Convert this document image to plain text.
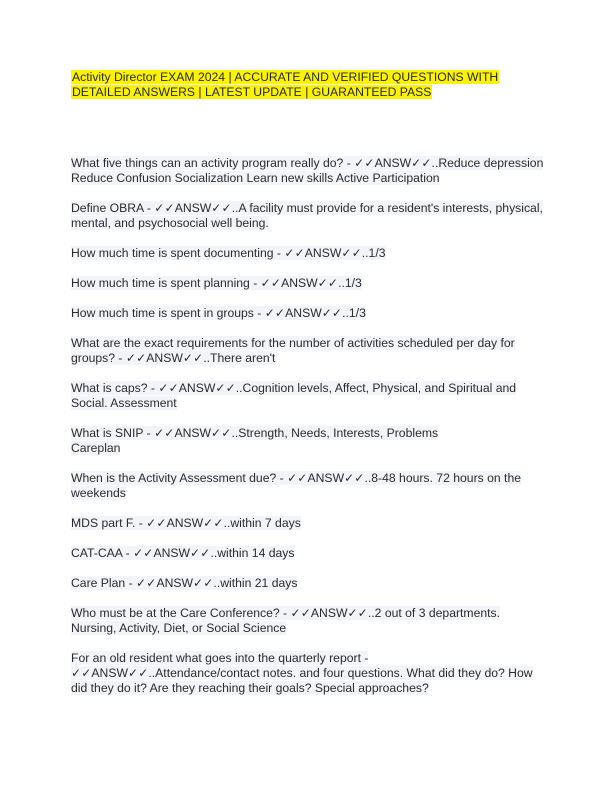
Activity Director EXAM 2024 | ACCURATE AND VERIFIED QUESTIONS WITH
DETAILED ANSWERS | LATEST UPDATE | GUARANTEED PASS
What five things can an activity program really do? - ✓✓ANSW✓✓..Reduce depression
Reduce Confusion Socialization Learn new skills Active Participation
Define OBRA - ✓✓ANSW✓✓..A facility must provide for a resident's interests, physical,
mental, and psychosocial well being.
How much time is spent documenting - ✓✓ANSW✓✓..1/3
How much time is spent planning - ✓✓ANSW✓✓..1/3
How much time is spent in groups - ✓✓ANSW✓✓..1/3
What are the exact requirements for the number of activities scheduled per day for
groups? - ✓✓ANSW✓✓..There aren't
What is caps? - ✓✓ANSW✓✓..Cognition levels, Affect, Physical, and Spiritual and
Social. Assessment
What is SNIP - ✓✓ANSW✓✓..Strength, Needs, Interests, Problems
Careplan
When is the Activity Assessment due? - ✓✓ANSW✓✓..8-48 hours. 72 hours on the
weekends
MDS part F. - ✓✓ANSW✓✓..within 7 days
CAT-CAA - ✓✓ANSW✓✓..within 14 days
Care Plan - ✓✓ANSW✓✓..within 21 days
Who must be at the Care Conference? - ✓✓ANSW✓✓..2 out of 3 departments.
Nursing, Activity, Diet, or Social Science
For an old resident what goes into the quarterly report -
✓✓ANSW✓✓..Attendance/contact notes. and four questions. What did they do? How
did they do it? Are they reaching their goals? Special approaches?
